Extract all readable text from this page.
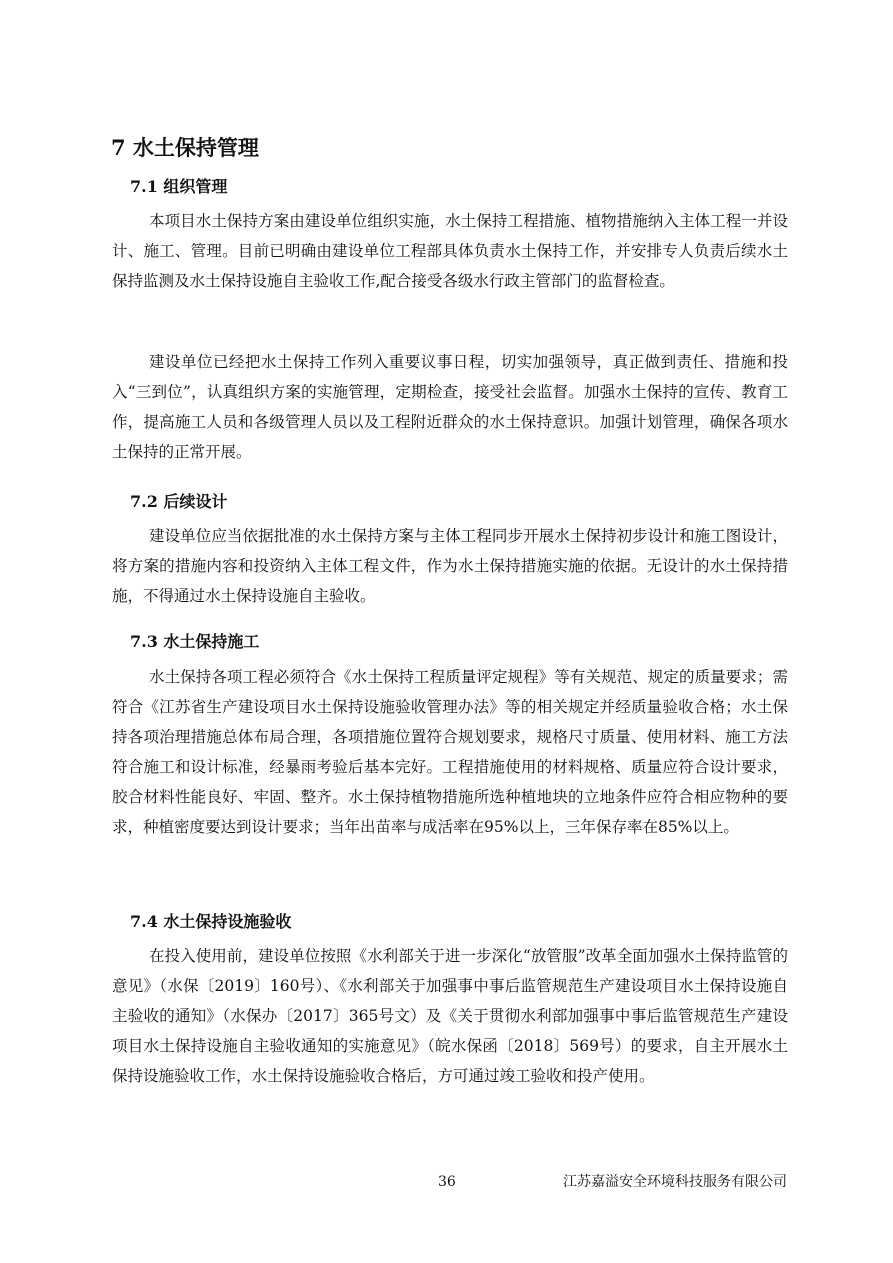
7 水土保持管理
7.1 组织管理

本项目水土保持方案由建设单位组织实施，水土保持工程措施、植物措施纳入主体工程一并设计、施工、管理。目前已明确由建设单位工程部具体负责水土保持工作，并安排专人负责后续水土保持监测及水土保持设施自主验收工作,配合接受各级水行政主管部门的监督检查。

建设单位已经把水土保持工作列入重要议事日程，切实加强领导，真正做到责任、措施和投入“三到位”，认真组织方案的实施管理，定期检查，接受社会监督。加强水土保持的宣传、教育工作，提高施工人员和各级管理人员以及工程附近群众的水土保持意识。加强计划管理，确保各项水土保持的正常开展。

7.2 后续设计

建设单位应当依据批准的水土保持方案与主体工程同步开展水土保持初步设计和施工图设计，将方案的措施内容和投资纳入主体工程文件，作为水土保持措施实施的依据。无设计的水土保持措施，不得通过水土保持设施自主验收。

7.3 水土保持施工

水土保持各项工程必须符合《水土保持工程质量评定规程》等有关规范、规定的质量要求；需符合《江苏省生产建设项目水土保持设施验收管理办法》等的相关规定并经质量验收合格；水土保持各项治理措施总体布局合理，各项措施位置符合规划要求，规格尺寸质量、使用材料、施工方法符合施工和设计标准，经暴雨考验后基本完好。工程措施使用的材料规格、质量应符合设计要求，胶合材料性能良好、牢固、整齐。水土保持植物措施所选种植地块的立地条件应符合相应物种的要求，种植密度要达到设计要求；当年出苗率与成活率在95%以上，三年保存率在85%以上。

7.4 水土保持设施验收

在投入使用前，建设单位按照《水利部关于进一步深化“放管服”改革全面加强水土保持监管的意见》（水保〔2019〕160号）、《水利部关于加强事中事后监管规范生产建设项目水土保持设施自主验收的通知》（水保办〔2017〕365号文）及《关于贯彻水利部加强事中事后监管规范生产建设项目水土保持设施自主验收通知的实施意见》（皖水保函〔2018〕569号）的要求，自主开展水土保持设施验收工作，水土保持设施验收合格后，方可通过竣工验收和投产使用。

36	江苏嘉溢安全环境科技服务有限公司
